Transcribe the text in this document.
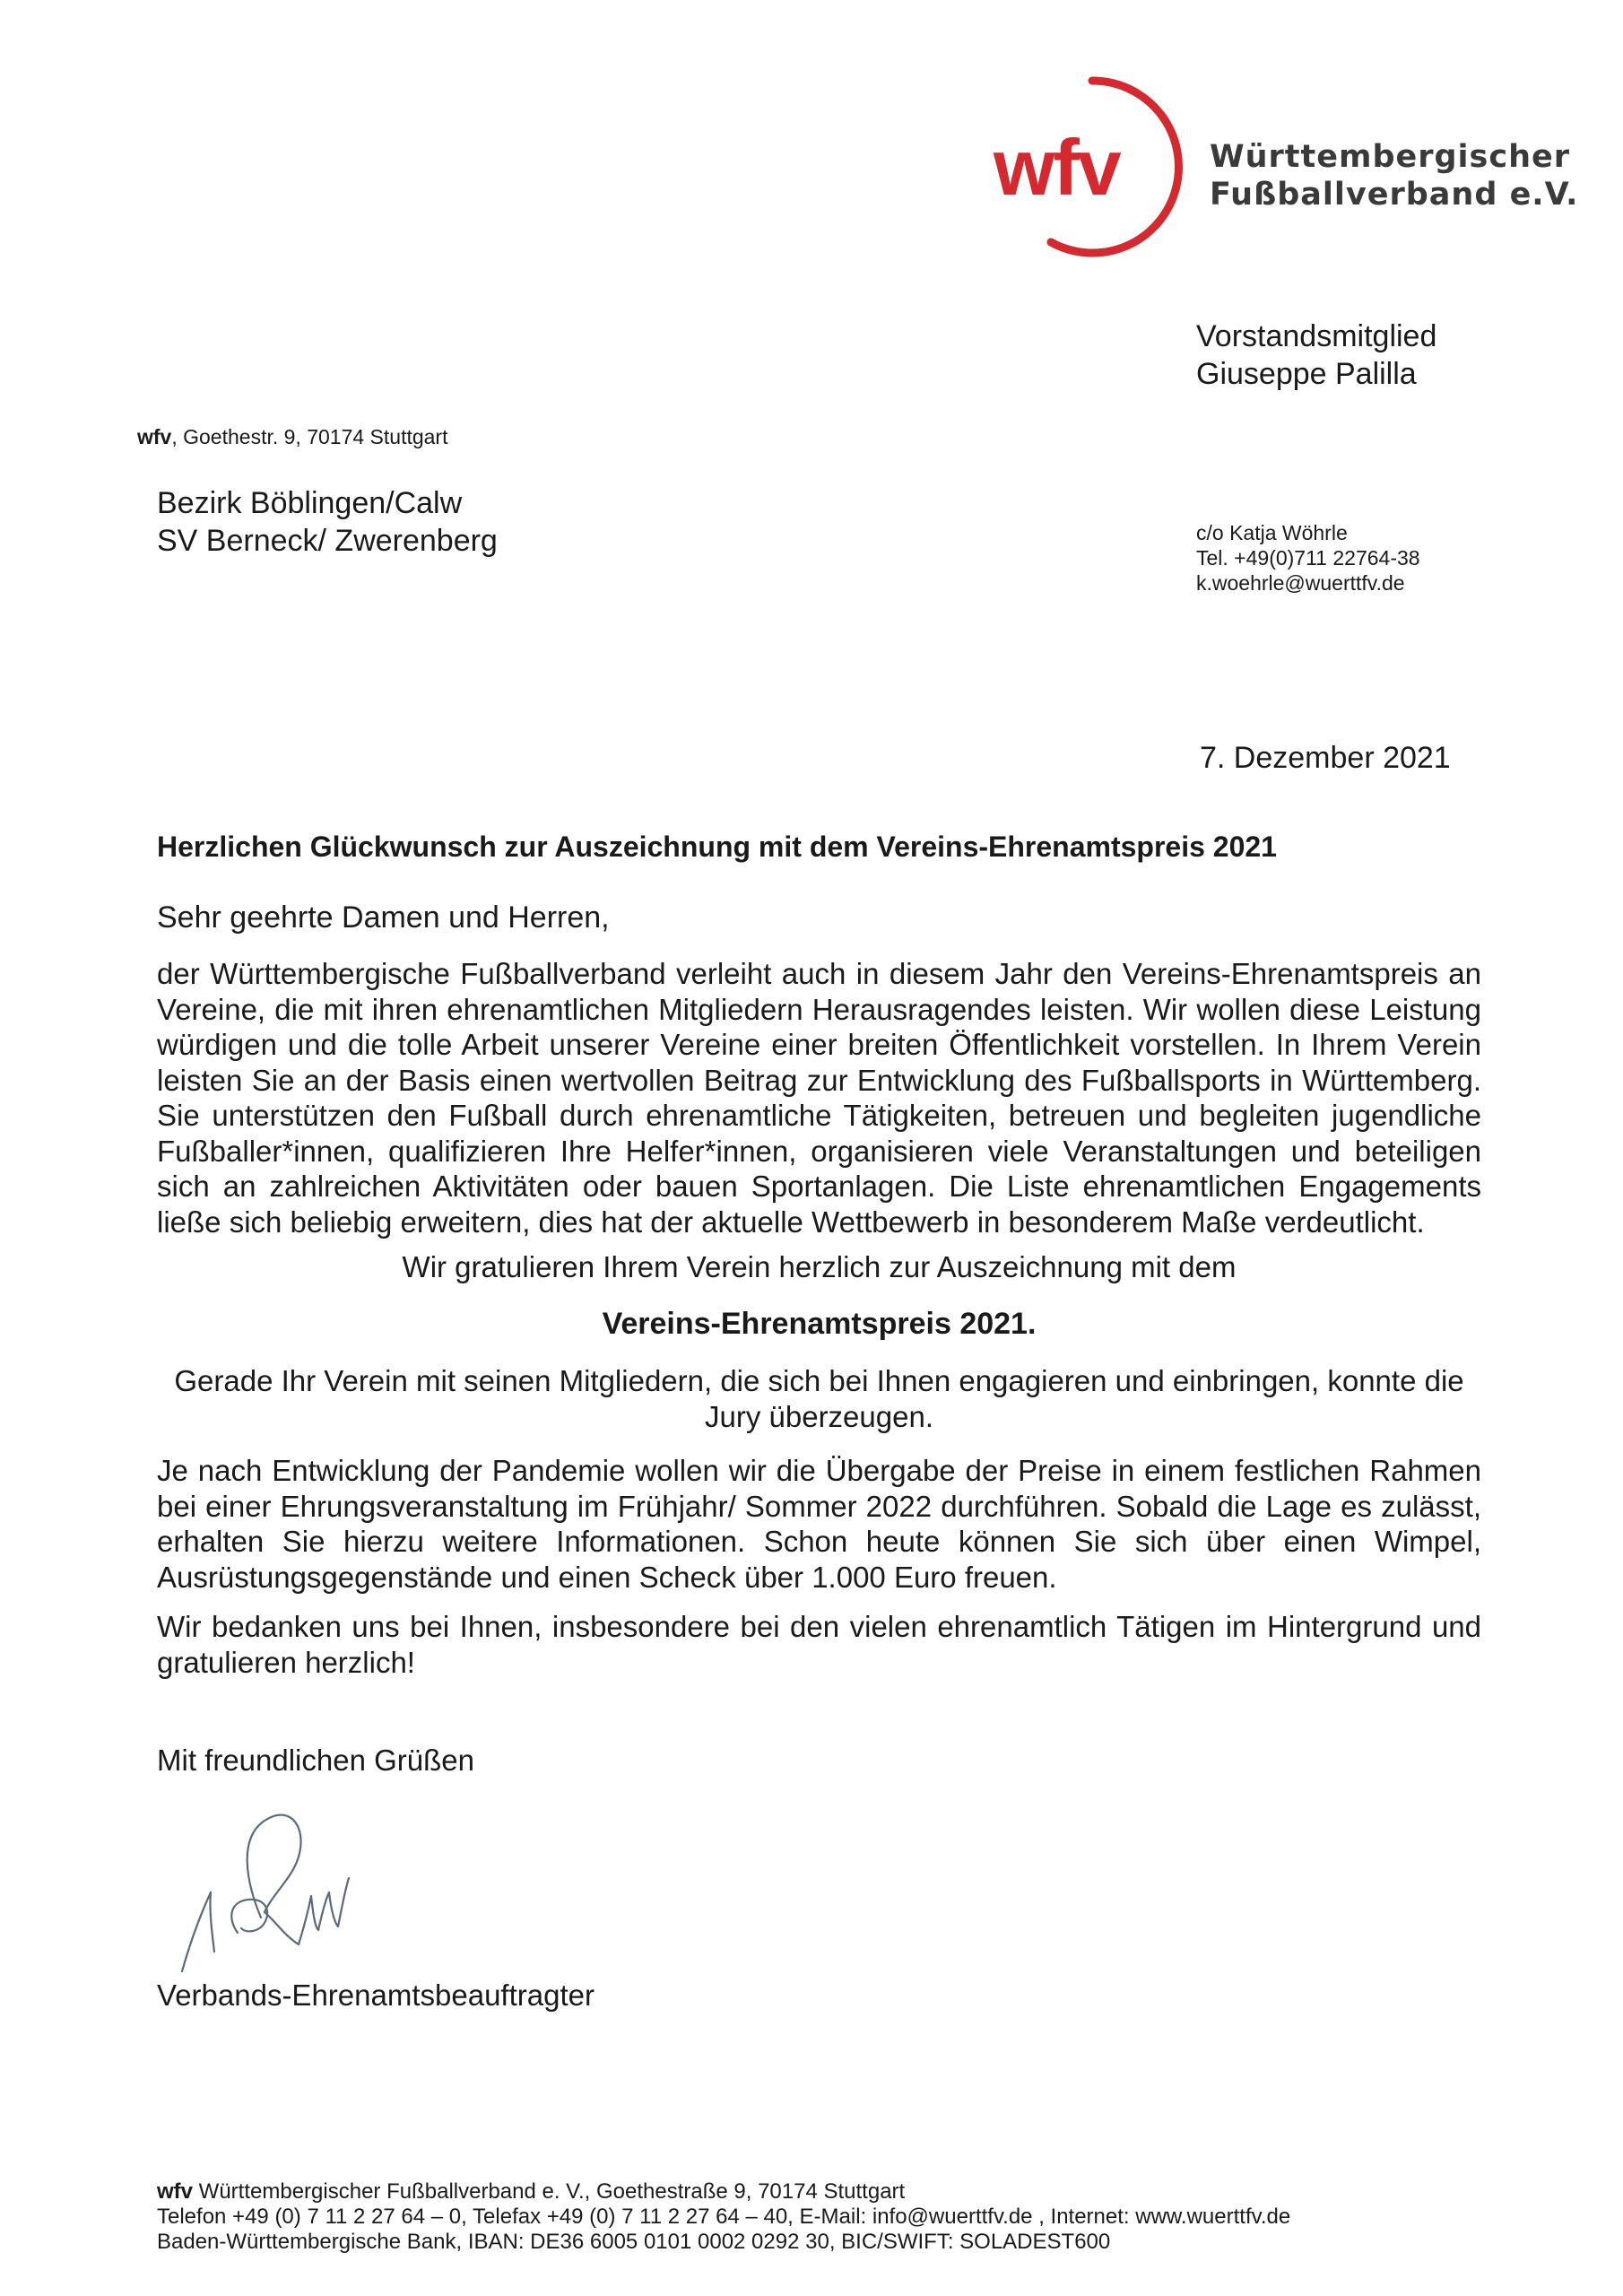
wfv	Württembergischer
Fußballverband e.V.
Vorstandsmitglied
Giuseppe Palilla
wfv, Goethestr. 9, 70174 Stuttgart
Bezirk Böblingen/Calw
SV Berneck/ Zwerenberg	c/o Katja Wöhrle
Tel. +49(0)711 22764-38
k.woehrle@wuerttfv.de
7. Dezember 2021
Herzlichen Glückwunsch zur Auszeichnung mit dem Vereins-Ehrenamtspreis 2021
Sehr geehrte Damen und Herren,
der Württembergische Fußballverband verleiht auch in diesem Jahr den Vereins-Ehrenamtspreis an Vereine, die mit ihren ehrenamtlichen Mitgliedern Herausragendes leisten. Wir wollen diese Leistung würdigen und die tolle Arbeit unserer Vereine einer breiten Öffentlichkeit vorstellen. In Ihrem Verein leisten Sie an der Basis einen wertvollen Beitrag zur Entwicklung des Fußballsports in Württemberg. Sie unterstützen den Fußball durch ehrenamtliche Tätigkeiten, betreuen und begleiten jugendliche Fußballer*innen, qualifizieren Ihre Helfer*innen, organisieren viele Veranstaltungen und beteiligen sich an zahlreichen Aktivitäten oder bauen Sportanlagen. Die Liste ehrenamtlichen Engagements ließe sich beliebig erweitern, dies hat der aktuelle Wettbewerb in besonderem Maße verdeutlicht.
Wir gratulieren Ihrem Verein herzlich zur Auszeichnung mit dem
Vereins-Ehrenamtspreis 2021.
Gerade Ihr Verein mit seinen Mitgliedern, die sich bei Ihnen engagieren und einbringen, konnte die Jury überzeugen.
Je nach Entwicklung der Pandemie wollen wir die Übergabe der Preise in einem festlichen Rahmen bei einer Ehrungsveranstaltung im Frühjahr/ Sommer 2022 durchführen. Sobald die Lage es zulässt, erhalten Sie hierzu weitere Informationen. Schon heute können Sie sich über einen Wimpel, Ausrüstungsgegenstände und einen Scheck über 1.000 Euro freuen.
Wir bedanken uns bei Ihnen, insbesondere bei den vielen ehrenamtlich Tätigen im Hintergrund und gratulieren herzlich!
Mit freundlichen Grüßen
Verbands-Ehrenamtsbeauftragter
wfv Württembergischer Fußballverband e. V., Goethestraße 9, 70174 Stuttgart
Telefon +49 (0) 7 11 2 27 64 – 0, Telefax +49 (0) 7 11 2 27 64 – 40, E-Mail: info@wuerttfv.de , Internet: www.wuerttfv.de
Baden-Württembergische Bank, IBAN: DE36 6005 0101 0002 0292 30, BIC/SWIFT: SOLADEST600
